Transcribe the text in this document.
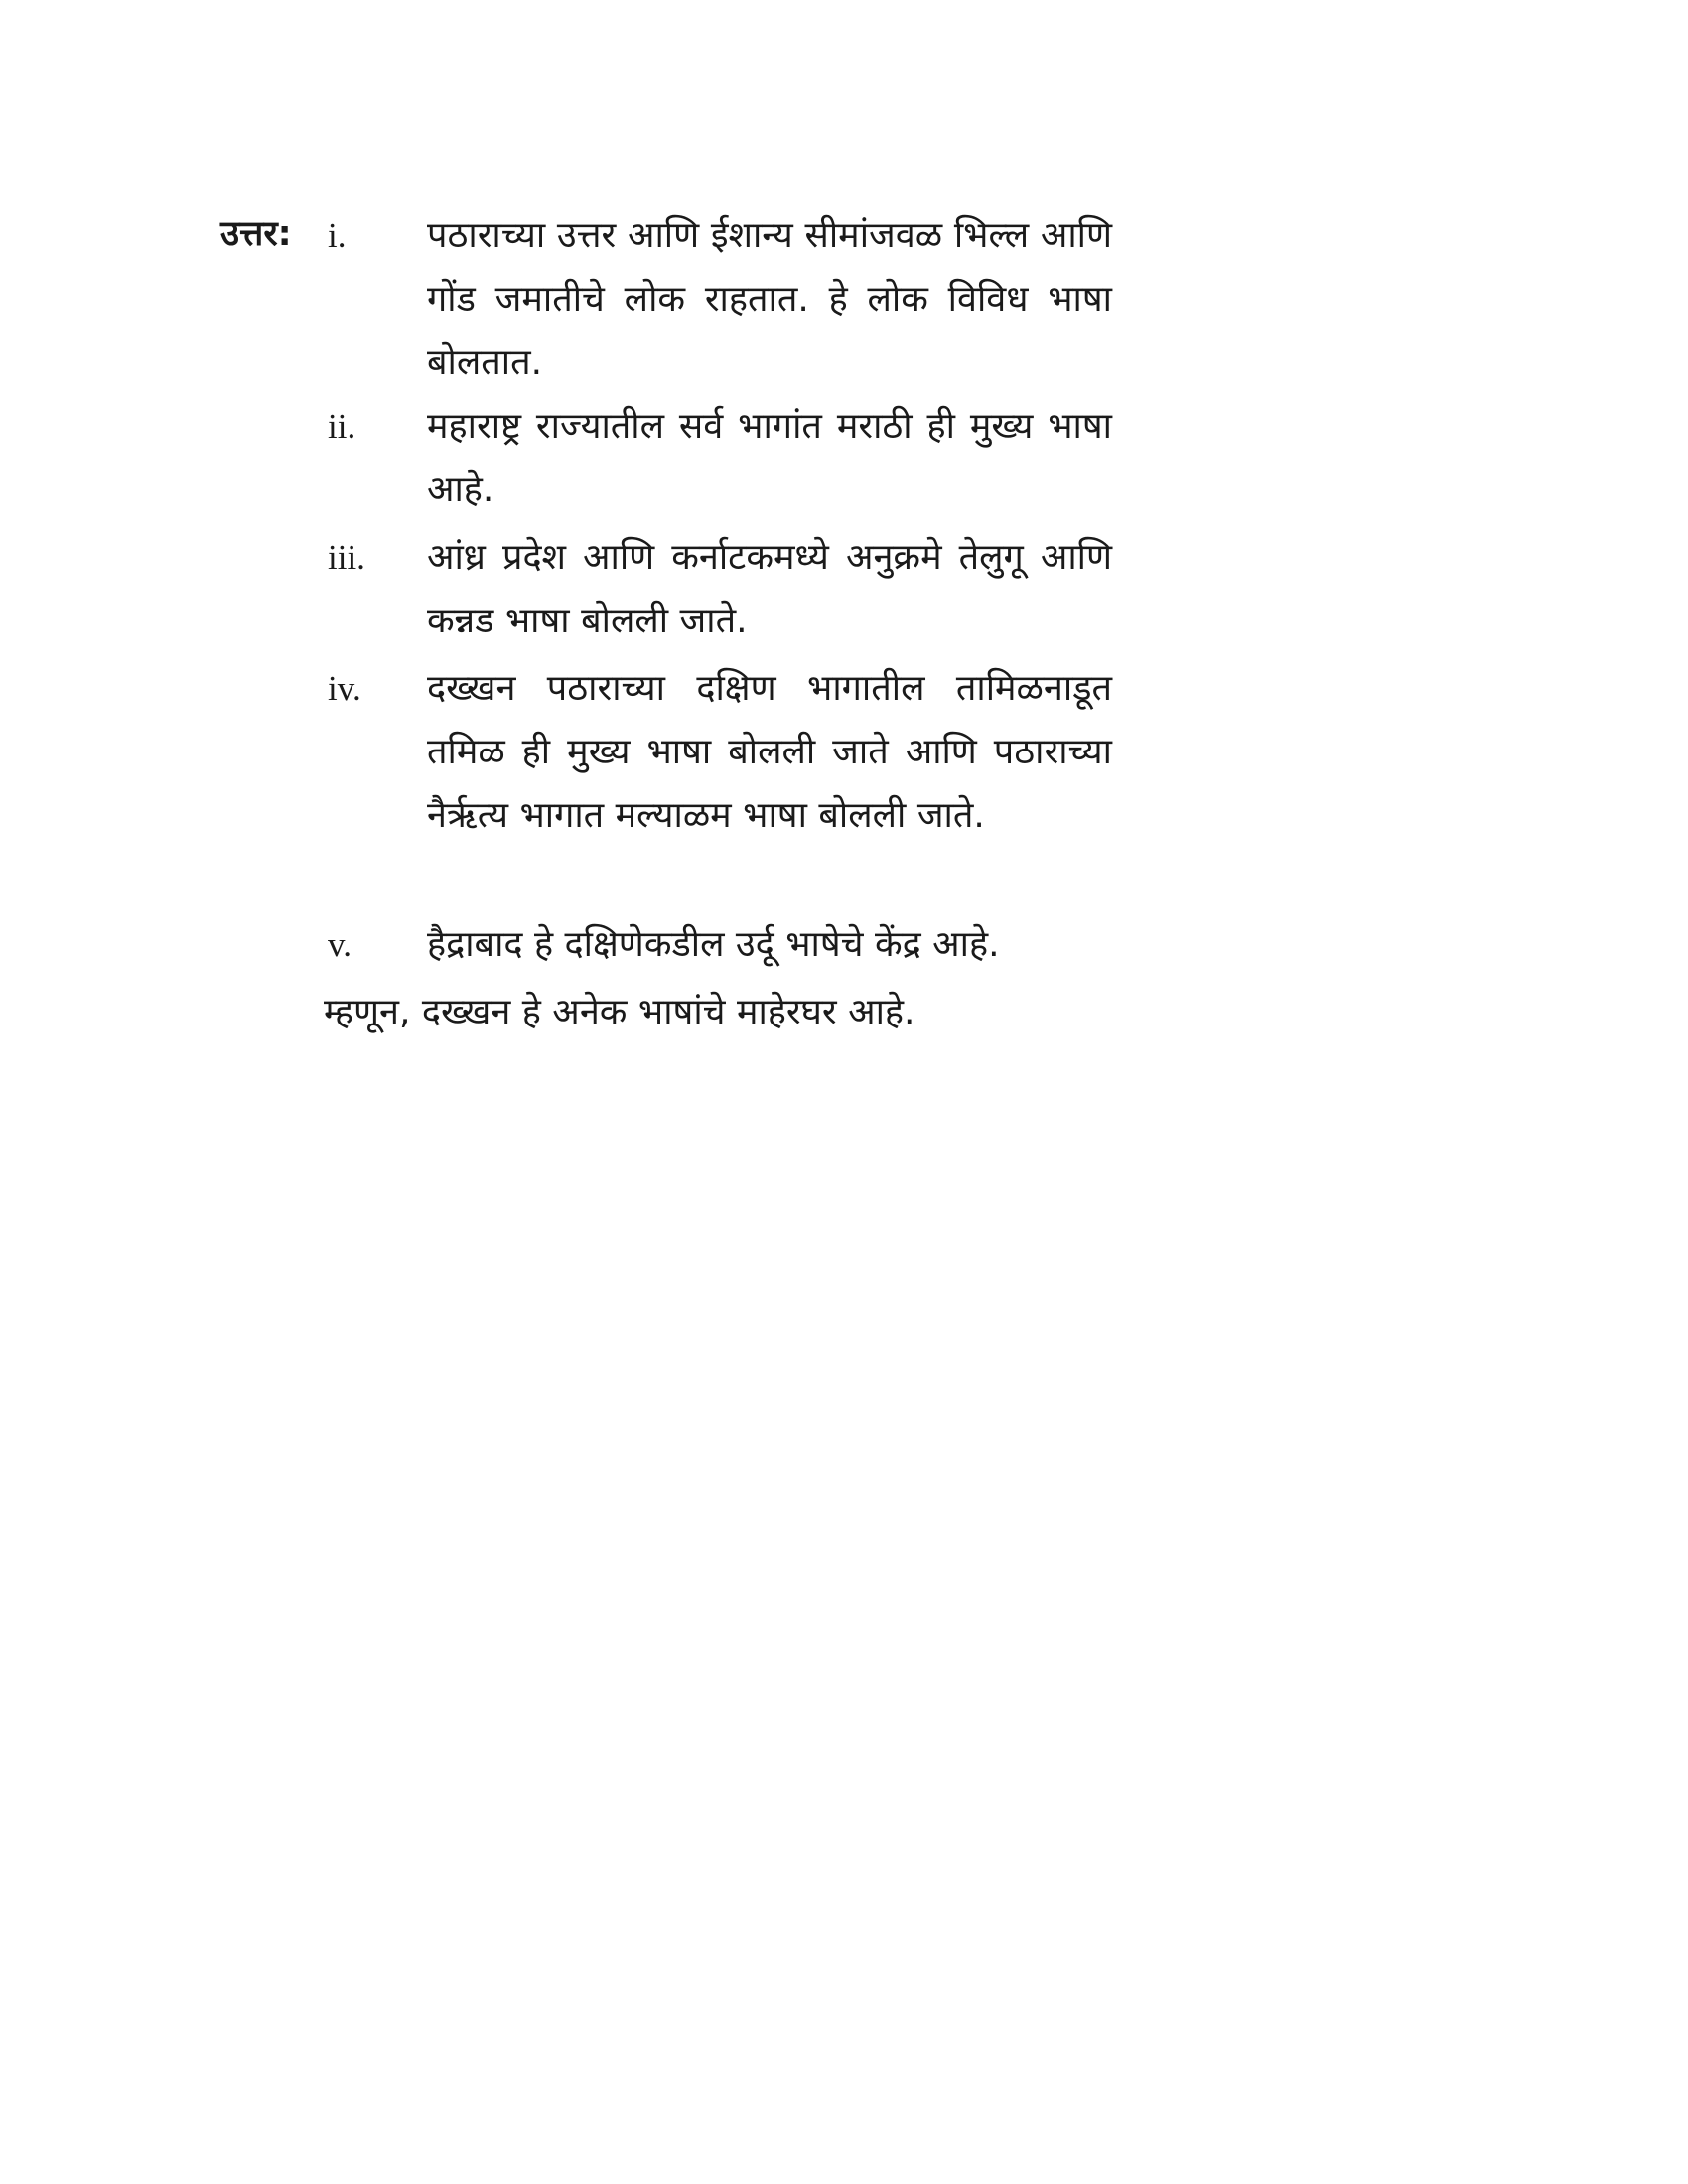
उत्तर: i. पठाराच्या उत्तर आणि ईशान्य सीमांजवळ भिल्ल आणि गोंड जमातीचे लोक राहतात. हे लोक विविध भाषा बोलतात.
ii. महाराष्ट्र राज्यातील सर्व भागांत मराठी ही मुख्य भाषा आहे.
iii. आंध्र प्रदेश आणि कर्नाटकमध्ये अनुक्रमे तेलुगू आणि कन्नड भाषा बोलली जाते.
iv. दख्खन पठाराच्या दक्षिण भागातील तामिळनाडूत तमिळ ही मुख्य भाषा बोलली जाते आणि पठाराच्या नैर्ऋत्य भागात मल्याळम भाषा बोलली जाते.
v. हैद्राबाद हे दक्षिणेकडील उर्दू भाषेचे केंद्र आहे.
म्हणून, दख्खन हे अनेक भाषांचे माहेरघर आहे.
